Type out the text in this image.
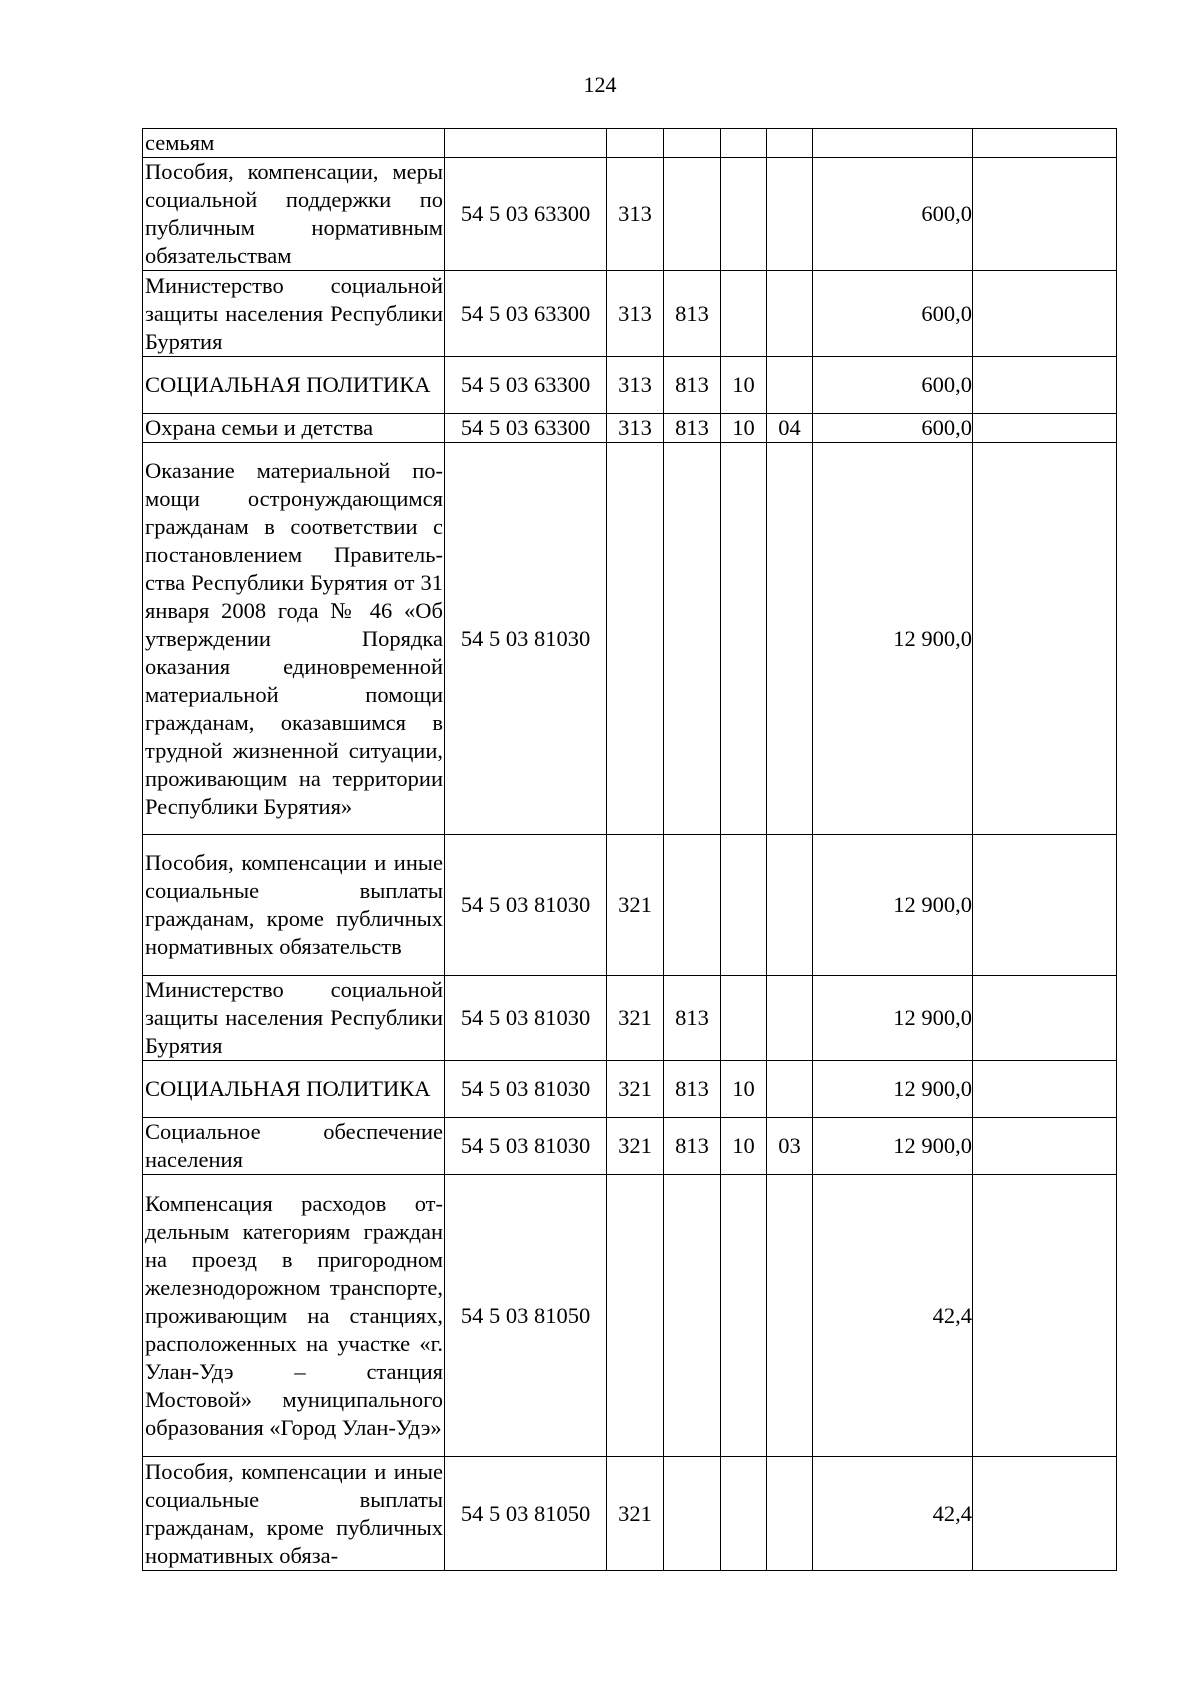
124
семьям							
Пособия, компенсации, меры социальной поддержки по публичным нормативным обязательствам	54 5 03 63300	313				600,0	
Министерство социальной защиты населения Республики Бурятия	54 5 03 63300	313	813			600,0	
СОЦИАЛЬНАЯ ПОЛИТИКА	54 5 03 63300	313	813	10		600,0	
Охрана семьи и детства	54 5 03 63300	313	813	10	04	600,0	
Оказание материальной помощи остронуждающимся гражданам в соответствии с постановлением Правительства Республики Бурятия от 31 января 2008 года № 46 «Об утверждении Порядка оказания единовременной материальной помощи гражданам, оказавшимся в трудной жизненной ситуации, проживающим на территории Республики Бурятия»	54 5 03 81030					12 900,0	
Пособия, компенсации и иные социальные выплаты гражданам, кроме публичных нормативных обязательств	54 5 03 81030	321				12 900,0	
Министерство социальной защиты населения Республики Бурятия	54 5 03 81030	321	813			12 900,0	
СОЦИАЛЬНАЯ ПОЛИТИКА	54 5 03 81030	321	813	10		12 900,0	
Социальное обеспечение населения	54 5 03 81030	321	813	10	03	12 900,0	
Компенсация расходов отдельным категориям граждан на проезд в пригородном железнодорожном транспорте, проживающим на станциях, расположенных на участке «г. Улан-Удэ – станция Мостовой» муниципального образования «Город Улан-Удэ»	54 5 03 81050					42,4	
Пособия, компенсации и иные социальные выплаты гражданам, кроме публичных нормативных обяза-	54 5 03 81050	321				42,4	
